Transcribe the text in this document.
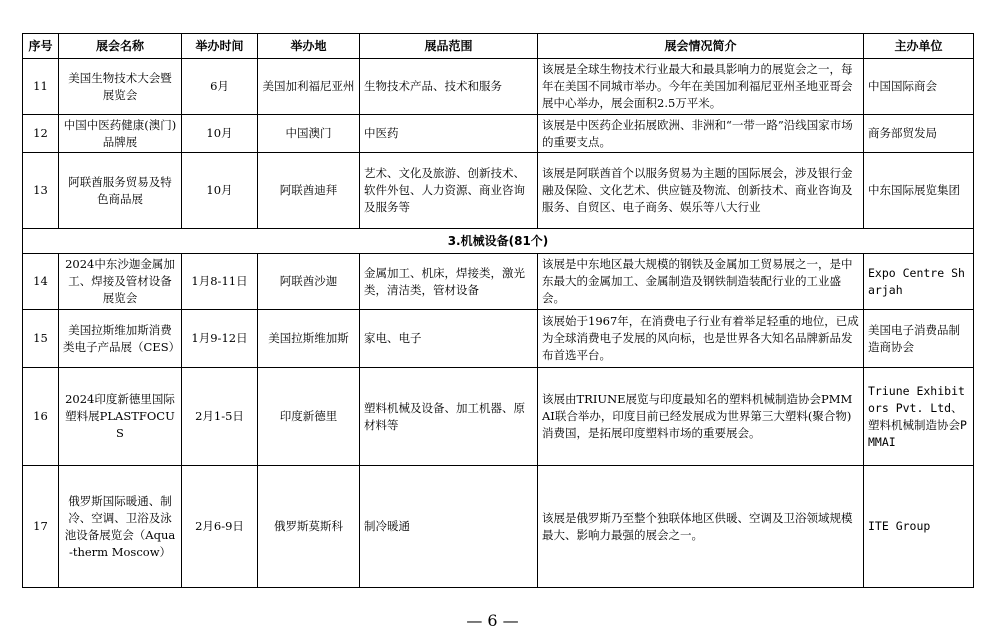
序号	展会名称	举办时间	举办地	展品范围	展会情况简介	主办单位
11	美国生物技术大会暨展览会	6月	美国加利福尼亚州	生物技术产品、技术和服务	该展是全球生物技术行业最大和最具影响力的展览会之一，每年在美国不同城市举办。今年在美国加利福尼亚州圣地亚哥会展中心举办，展会面积2.5万平米。	中国国际商会
12	中国中医药健康(澳门)品牌展	10月	中国澳门	中医药	该展是中医药企业拓展欧洲、非洲和“一带一路”沿线国家市场的重要支点。	商务部贸发局
13	阿联酋服务贸易及特色商品展	10月	阿联酋迪拜	艺术、文化及旅游、创新技术、软件外包、人力资源、商业咨询及服务等	该展是阿联酋首个以服务贸易为主题的国际展会，涉及银行金融及保险、文化艺术、供应链及物流、创新技术、商业咨询及服务、自贸区、电子商务、娱乐等八大行业	中东国际展览集团
3.机械设备(81个)						
14	2024中东沙迦金属加工、焊接及管材设备展览会	1月8-11日	阿联酋沙迦	金属加工、机床，焊接类，激光类，清洁类，管材设备	该展是中东地区最大规模的钢铁及金属加工贸易展之一，是中东最大的金属加工、金属制造及钢铁制造装配行业的工业盛会。	Expo Centre Sharjah
15	美国拉斯维加斯消费类电子产品展（CES）	1月9-12日	美国拉斯维加斯	家电、电子	该展始于1967年，在消费电子行业有着举足轻重的地位，已成为全球消费电子发展的风向标，也是世界各大知名品牌新品发布首选平台。	美国电子消费品制造商协会
16	2024印度新德里国际塑料展PLASTFOCUS	2月1-5日	印度新德里	塑料机械及设备、加工机器、原材料等	该展由TRIUNE展览与印度最知名的塑料机械制造协会PMMAI联合举办，印度目前已经发展成为世界第三大塑料(聚合物)消费国，是拓展印度塑料市场的重要展会。	Triune Exhibitors Pvt. Ltd、塑料机械制造协会PMMAI
17	俄罗斯国际暖通、制冷、空调、卫浴及泳池设备展览会（Aqua-therm Moscow）	2月6-9日	俄罗斯莫斯科	制冷暖通	该展是俄罗斯乃至整个独联体地区供暖、空调及卫浴领域规模最大、影响力最强的展会之一。	ITE Group
— 6 —
